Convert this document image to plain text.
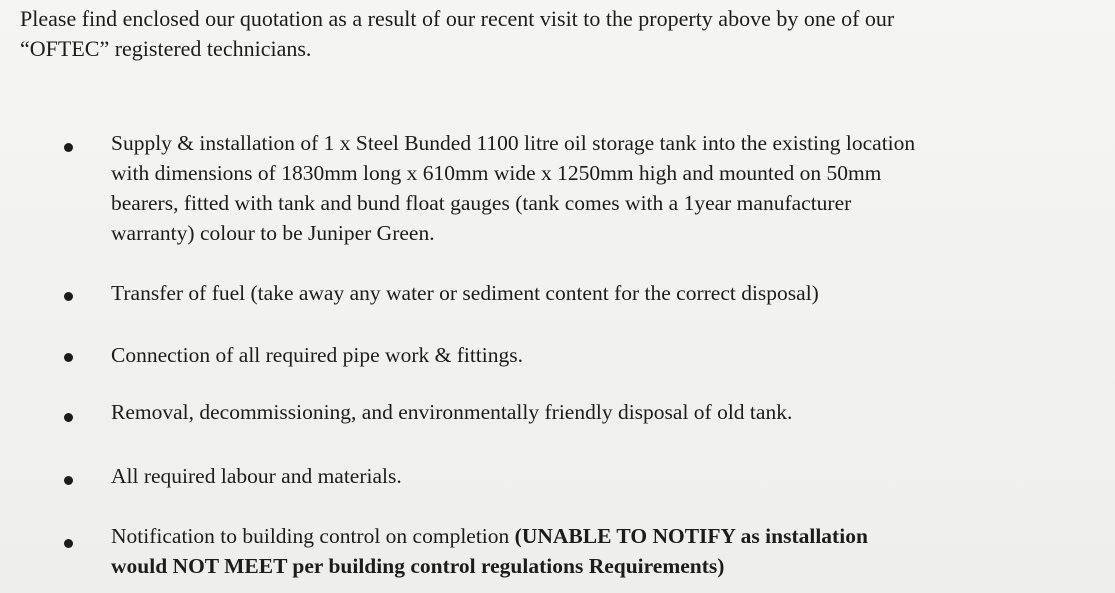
Please find enclosed our quotation as a result of our recent visit to the property above by one of our
“OFTEC” registered technicians.
Supply & installation of 1 x Steel Bunded 1100 litre oil storage tank into the existing location
with dimensions of 1830mm long x 610mm wide x 1250mm high and mounted on 50mm
bearers, fitted with tank and bund float gauges (tank comes with a 1year manufacturer
warranty) colour to be Juniper Green.
Transfer of fuel (take away any water or sediment content for the correct disposal)
Connection of all required pipe work & fittings.
Removal, decommissioning, and environmentally friendly disposal of old tank.
All required labour and materials.
Notification to building control on completion (UNABLE TO NOTIFY as installation
would NOT MEET per building control regulations Requirements)
